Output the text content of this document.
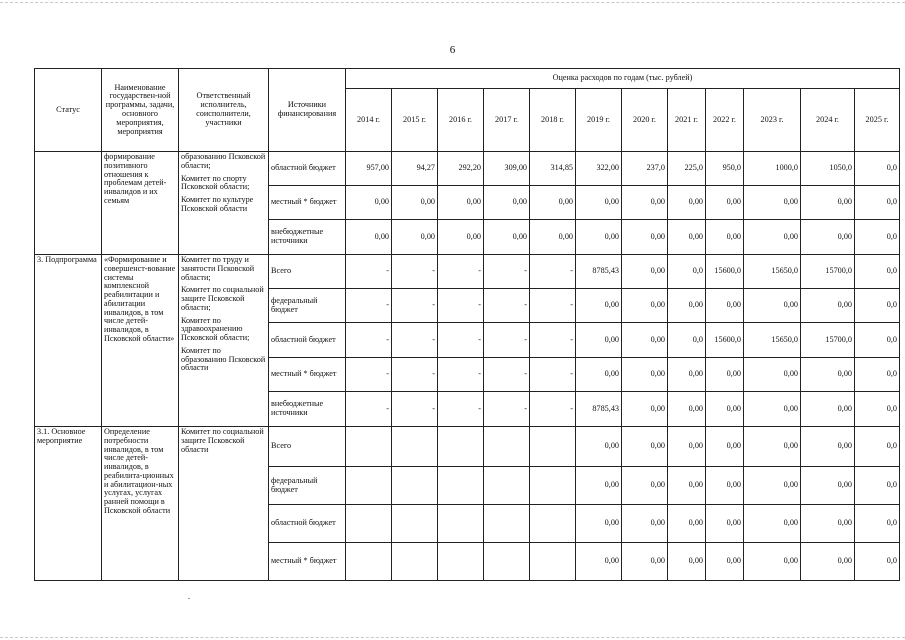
6
Статус	Наименование государствен-ной программы, задачи, основного мероприятия, мероприятия	Ответственный исполнитель, соисполнители, участники	Источники финансирования	Оценка расходов по годам (тыс. рублей)											
				2014 г.	2015 г.	2016 г.	2017 г.	2018 г.	2019 г.	2020 г.	2021 г.	2022 г.	2023 г.	2024 г.	2025 г.
	формирование позитивного отношения к проблемам детей-инвалидов и их семьям	образованию Псковской области;
Комитет по спорту Псковской области;
Комитет по культуре Псковской области	областной бюджет	957,00	94,27	292,20	309,00	314,85	322,00	237,0	225,0	950,0	1000,0	1050,0	0,0
			местный * бюджет	0,00	0,00	0,00	0,00	0,00	0,00	0,00	0,00	0,00	0,00	0,00	0,0
			внебюджетные источники	0,00	0,00	0,00	0,00	0,00	0,00	0,00	0,00	0,00	0,00	0,00	0,0
3. Подпрограмма	«Формирование и совершенст-вование системы комплексной реабилитации и абилитации инвалидов, в том числе детей-инвалидов, в Псковской области»	Комитет по труду и занятости Псковской области;
Комитет по социальной защите Псковской области;
Комитет по здравоохранению Псковской области;
Комитет по образованию Псковской области	Всего	-	-	-	-	-	8785,43	0,00	0,0	15600,0	15650,0	15700,0	0,0
			федеральный бюджет	-	-	-	-	-	0,00	0,00	0,00	0,00	0,00	0,00	0,0
			областной бюджет	-	-	-	-	-	0,00	0,00	0,0	15600,0	15650,0	15700,0	0,0
			местный * бюджет	-	-	-	-	-	0,00	0,00	0,00	0,00	0,00	0,00	0,0
			внебюджетные источники	-	-	-	-	-	8785,43	0,00	0,00	0,00	0,00	0,00	0,0
3.1. Основное мероприятие	Определение потребности инвалидов, в том числе детей-инвалидов, в реабилита-ционных и абилитацион-ных услугах, услугах ранней помощи в Псковской области	Комитет по социальной защите Псковской области	Всего						0,00	0,00	0,00	0,00	0,00	0,00	0,0
			федеральный бюджет						0,00	0,00	0,00	0,00	0,00	0,00	0,0
			областной бюджет						0,00	0,00	0,00	0,00	0,00	0,00	0,0
			местный * бюджет						0,00	0,00	0,00	0,00	0,00	0,00	0,0
